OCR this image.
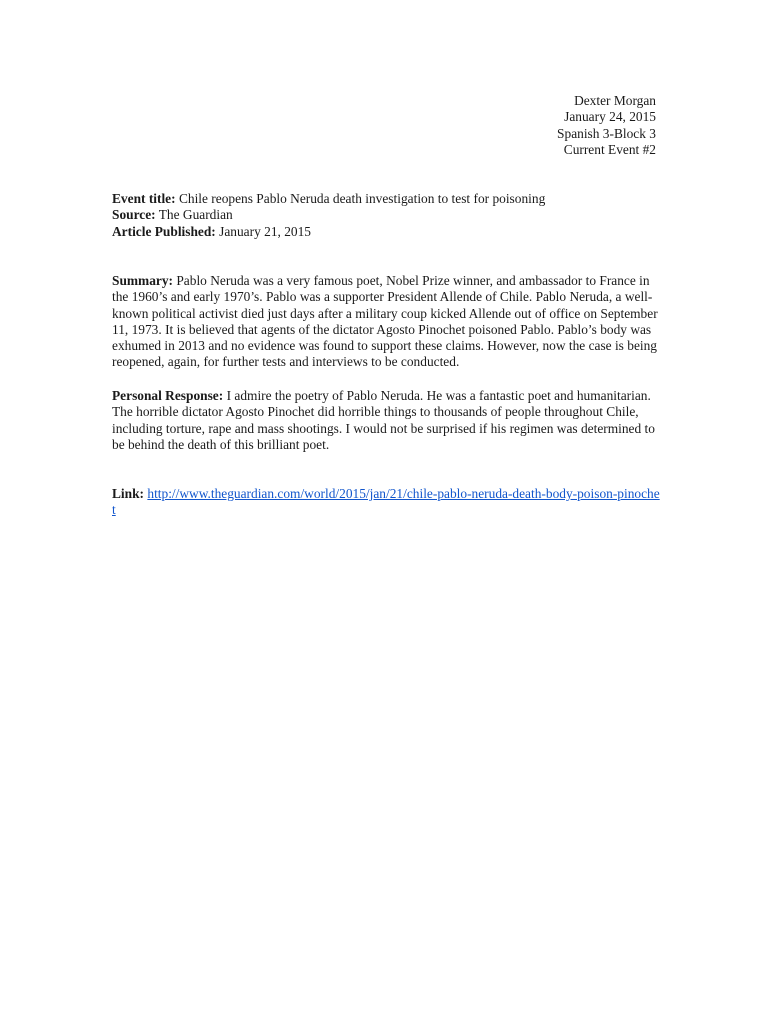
Dexter Morgan
January 24, 2015
Spanish 3-Block 3
Current Event #2
Event title: Chile reopens Pablo Neruda death investigation to test for poisoning
Source: The Guardian
Article Published: January 21, 2015

Summary: Pablo Neruda was a very famous poet, Nobel Prize winner, and ambassador to France in the 1960’s and early 1970’s. Pablo was a supporter President Allende of Chile. Pablo Neruda, a well-known political activist died just days after a military coup kicked Allende out of office on September 11, 1973. It is believed that agents of the dictator Agosto Pinochet poisoned Pablo. Pablo’s body was exhumed in 2013 and no evidence was found to support these claims. However, now the case is being reopened, again, for further tests and interviews to be conducted.

Personal Response: I admire the poetry of Pablo Neruda. He was a fantastic poet and humanitarian. The horrible dictator Agosto Pinochet did horrible things to thousands of people throughout Chile, including torture, rape and mass shootings. I would not be surprised if his regimen was determined to be behind the death of this brilliant poet.

Link: http://www.theguardian.com/world/2015/jan/21/chile-pablo-neruda-death-body-poison-pinochet
